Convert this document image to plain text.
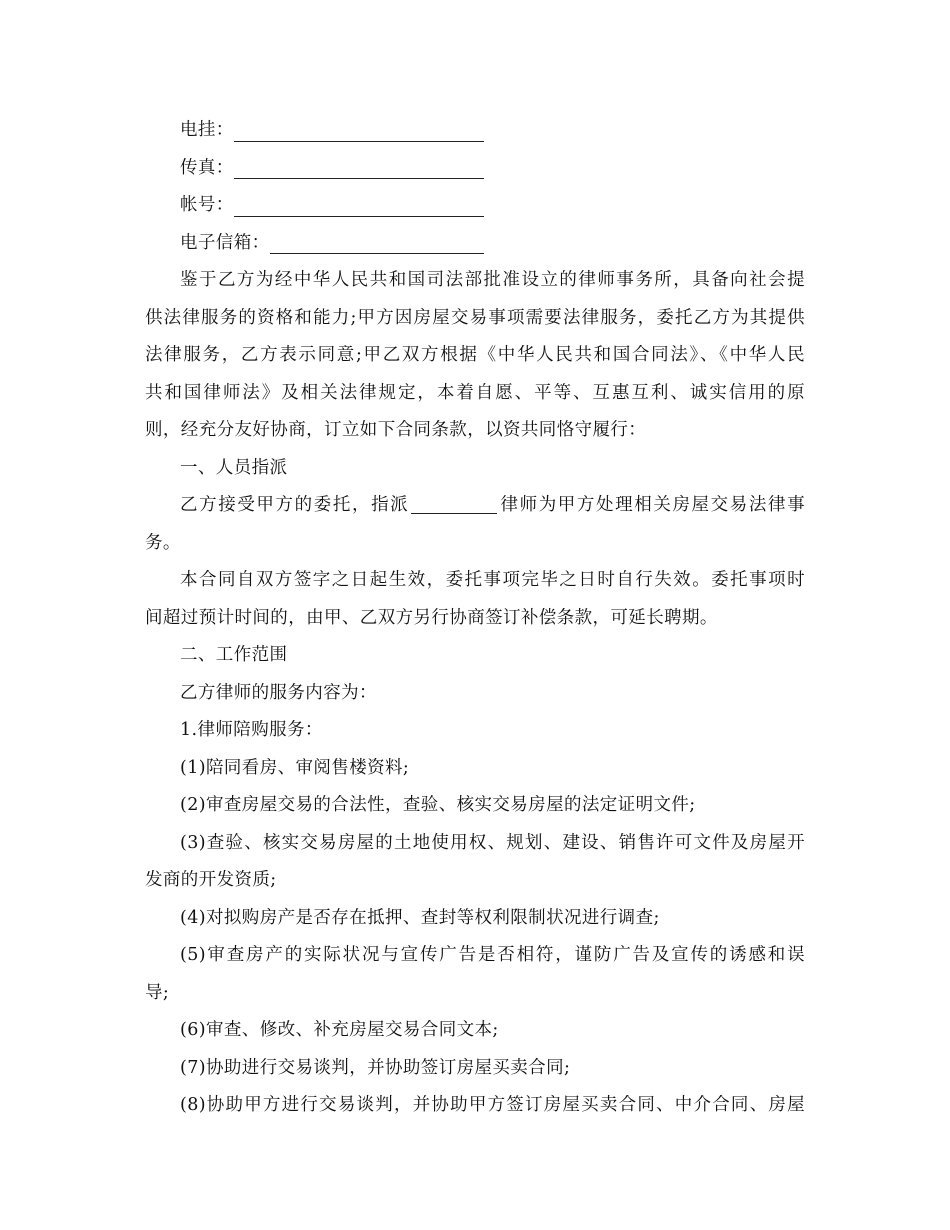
电挂：
传真：
帐号：
电子信箱：
鉴于乙方为经中华人民共和国司法部批准设立的律师事务所，具备向社会提
供法律服务的资格和能力;甲方因房屋交易事项需要法律服务，委托乙方为其提供
法律服务，乙方表示同意;甲乙双方根据《中华人民共和国合同法》、《中华人民
共和国律师法》及相关法律规定，本着自愿、平等、互惠互利、诚实信用的原
则，经充分友好协商，订立如下合同条款，以资共同恪守履行：
一、人员指派
乙方接受甲方的委托，指派	律师为甲方处理相关房屋交易法律事
务。
本合同自双方签字之日起生效，委托事项完毕之日时自行失效。委托事项时
间超过预计时间的，由甲、乙双方另行协商签订补偿条款，可延长聘期。
二、工作范围
乙方律师的服务内容为：
1.律师陪购服务：
(1)陪同看房、审阅售楼资料;
(2)审查房屋交易的合法性，查验、核实交易房屋的法定证明文件;
(3)查验、核实交易房屋的土地使用权、规划、建设、销售许可文件及房屋开
发商的开发资质;
(4)对拟购房产是否存在抵押、查封等权利限制状况进行调查;
(5)审查房产的实际状况与宣传广告是否相符，谨防广告及宣传的诱感和误
导;
(6)审查、修改、补充房屋交易合同文本;
(7)协助进行交易谈判，并协助签订房屋买卖合同;
(8)协助甲方进行交易谈判，并协助甲方签订房屋买卖合同、中介合同、房屋
